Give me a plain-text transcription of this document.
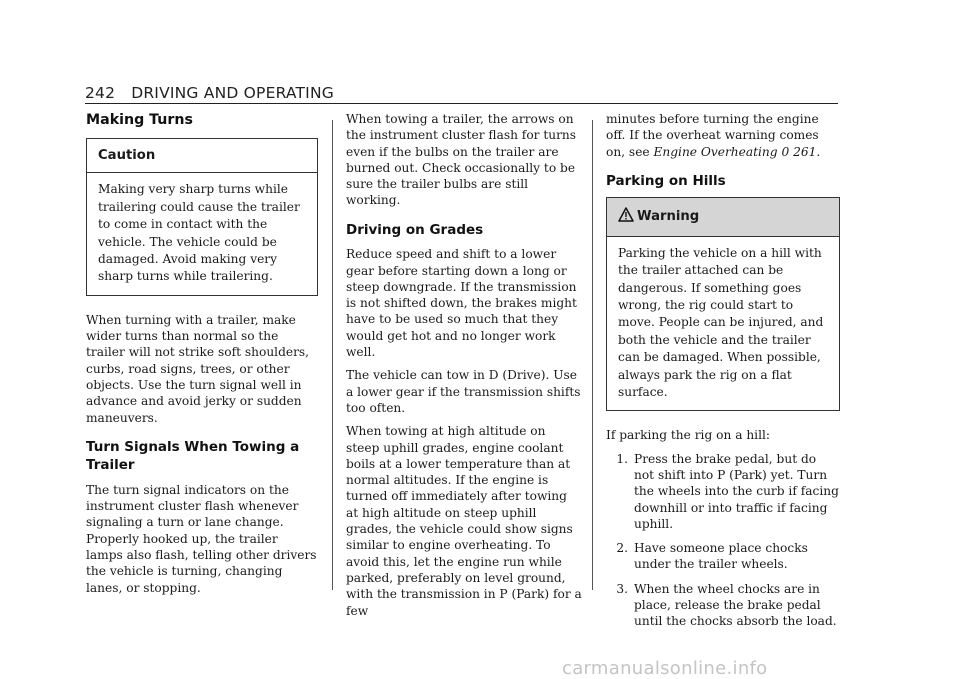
242 DRIVING AND OPERATING
Making Turns
Caution
Making very sharp turns while trailering could cause the trailer to come in contact with the vehicle. The vehicle could be damaged. Avoid making very sharp turns while trailering.

When turning with a trailer, make wider turns than normal so the trailer will not strike soft shoulders, curbs, road signs, trees, or other objects. Use the turn signal well in advance and avoid jerky or sudden maneuvers.

Turn Signals When Towing a Trailer

The turn signal indicators on the instrument cluster flash whenever signaling a turn or lane change. Properly hooked up, the trailer lamps also flash, telling other drivers the vehicle is turning, changing lanes, or stopping.

When towing a trailer, the arrows on the instrument cluster flash for turns even if the bulbs on the trailer are burned out. Check occasionally to be sure the trailer bulbs are still working.

Driving on Grades

Reduce speed and shift to a lower gear before starting down a long or steep downgrade. If the transmission is not shifted down, the brakes might have to be used so much that they would get hot and no longer work well.

The vehicle can tow in D (Drive). Use a lower gear if the transmission shifts too often.

When towing at high altitude on steep uphill grades, engine coolant boils at a lower temperature than at normal altitudes. If the engine is turned off immediately after towing at high altitude on steep uphill grades, the vehicle could show signs similar to engine overheating. To avoid this, let the engine run while parked, preferably on level ground, with the transmission in P (Park) for a few

minutes before turning the engine off. If the overheat warning comes on, see Engine Overheating 0 261.

Parking on Hills
Warning
Parking the vehicle on a hill with the trailer attached can be dangerous. If something goes wrong, the rig could start to move. People can be injured, and both the vehicle and the trailer can be damaged. When possible, always park the rig on a flat surface.

If parking the rig on a hill:

1. Press the brake pedal, but do not shift into P (Park) yet. Turn the wheels into the curb if facing downhill or into traffic if facing uphill.
2. Have someone place chocks under the trailer wheels.
3. When the wheel chocks are in place, release the brake pedal until the chocks absorb the load.
carmanualsonline.info
